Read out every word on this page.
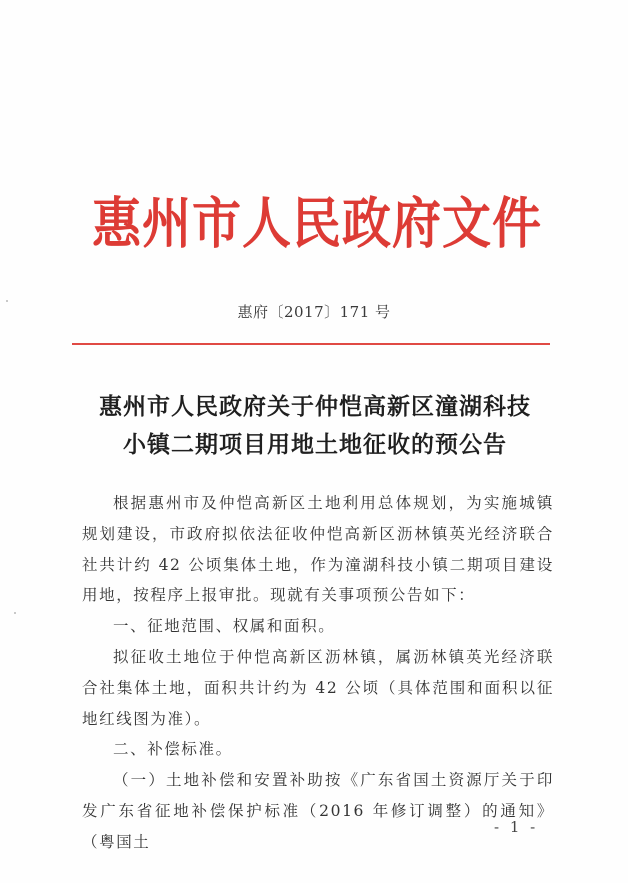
惠州市人民政府文件
惠府〔2017〕171 号
惠州市人民政府关于仲恺高新区潼湖科技
小镇二期项目用地土地征收的预公告

根据惠州市及仲恺高新区土地利用总体规划，为实施城镇规划建设，市政府拟依法征收仲恺高新区沥林镇英光经济联合社共计约 42 公顷集体土地，作为潼湖科技小镇二期项目建设用地，按程序上报审批。现就有关事项预公告如下：

一、征地范围、权属和面积。

拟征收土地位于仲恺高新区沥林镇，属沥林镇英光经济联合社集体土地，面积共计约为 42 公顷（具体范围和面积以征地红线图为准）。

二、补偿标准。

（一）土地补偿和安置补助按《广东省国土资源厅关于印发广东省征地补偿保护标准（2016 年修订调整）的通知》（粤国土

- 1 -
